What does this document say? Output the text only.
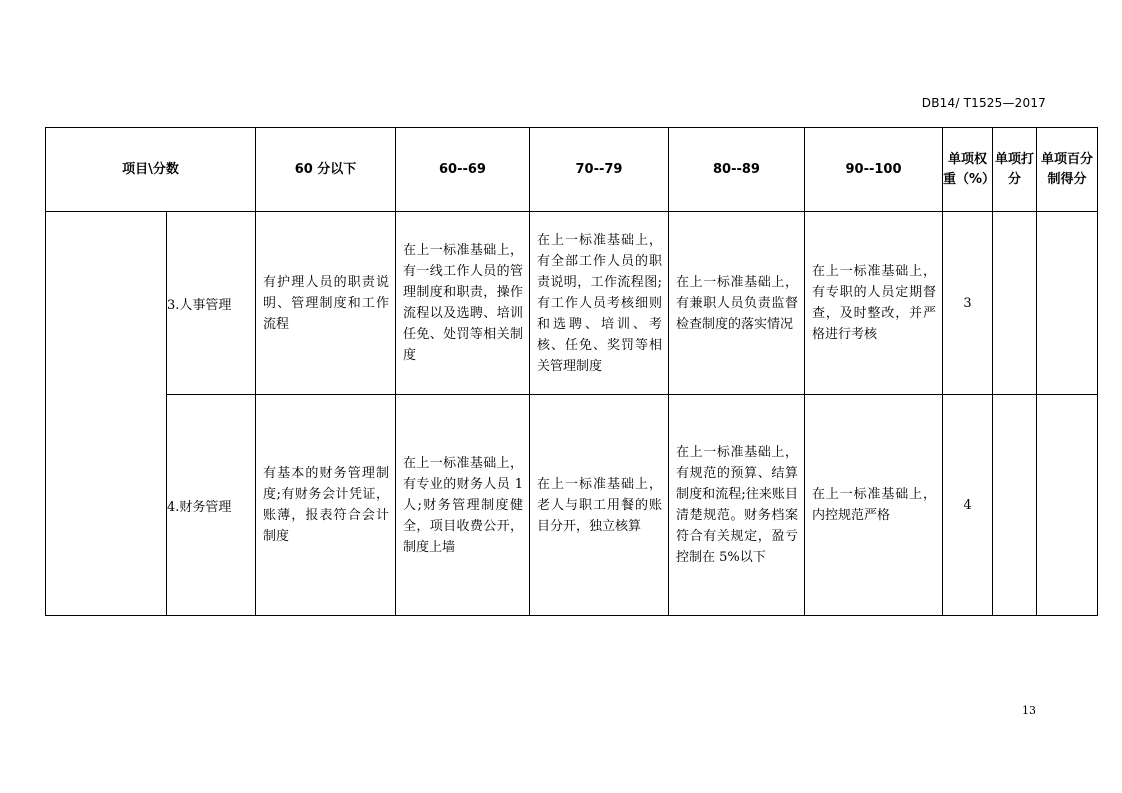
DB14/ T1525—2017
项目\分数		60 分以下	60--69	70--79	80--89	90--100	单项权重（%）	单项打分	单项百分制得分
	3.人事管理	有护理人员的职责说明、管理制度和工作流程	在上一标准基础上，有一线工作人员的管理制度和职责，操作流程以及选聘、培训任免、处罚等相关制度	在上一标准基础上，有全部工作人员的职责说明，工作流程图;有工作人员考核细则和选聘、培训、考核、任免、奖罚等相关管理制度	在上一标准基础上，有兼职人员负责监督检查制度的落实情况	在上一标准基础上，有专职的人员定期督查，及时整改，并严格进行考核	3		
	4.财务管理	有基本的财务管理制度;有财务会计凭证，账薄，报表符合会计制度	在上一标准基础上，有专业的财务人员 1 人;财务管理制度健全，项目收费公开，制度上墙	在上一标准基础上，老人与职工用餐的账目分开，独立核算	在上一标准基础上，有规范的预算、结算制度和流程;往来账目清楚规范。财务档案符合有关规定，盈亏控制在 5%以下	在上一标准基础上，内控规范严格	4		
13
